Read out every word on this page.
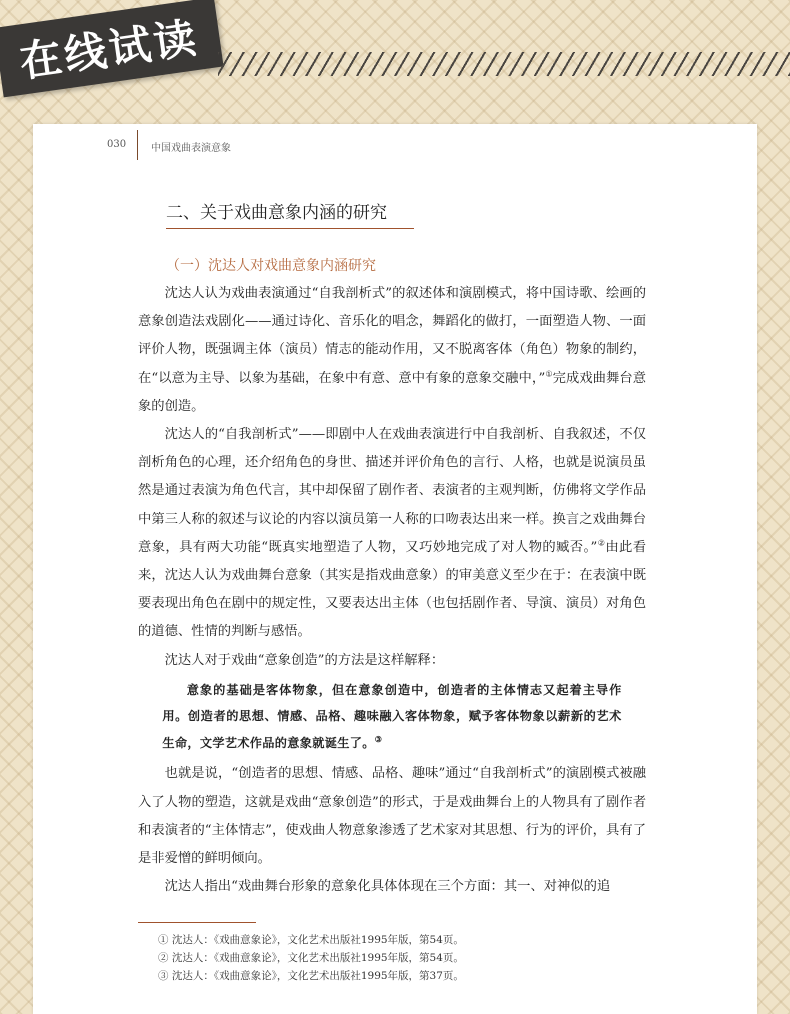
在线试读
030 中国戏曲表演意象
二、关于戏曲意象内涵的研究
（一）沈达人对戏曲意象内涵研究

沈达人认为戏曲表演通过“自我剖析式”的叙述体和演剧模式，将中国诗歌、绘画的意象创造法戏剧化——通过诗化、音乐化的唱念，舞蹈化的做打，一面塑造人物、一面评价人物，既强调主体（演员）情志的能动作用，又不脱离客体（角色）物象的制约，在“以意为主导、以象为基础，在象中有意、意中有象的意象交融中，”①完成戏曲舞台意象的创造。

沈达人的“自我剖析式”——即剧中人在戏曲表演进行中自我剖析、自我叙述，不仅剖析角色的心理，还介绍角色的身世、描述并评价角色的言行、人格，也就是说演员虽然是通过表演为角色代言，其中却保留了剧作者、表演者的主观判断，仿佛将文学作品中第三人称的叙述与议论的内容以演员第一人称的口吻表达出来一样。换言之戏曲舞台意象，具有两大功能“既真实地塑造了人物，又巧妙地完成了对人物的臧否。”②由此看来，沈达人认为戏曲舞台意象（其实是指戏曲意象）的审美意义至少在于：在表演中既要表现出角色在剧中的规定性，又要表达出主体（也包括剧作者、导演、演员）对角色的道德、性情的判断与感悟。

沈达人对于戏曲“意象创造”的方法是这样解释：

意象的基础是客体物象，但在意象创造中，创造者的主体情志又起着主导作用。创造者的思想、情感、品格、趣味融入客体物象，赋予客体物象以薪新的艺术生命，文学艺术作品的意象就诞生了。③

也就是说，“创造者的思想、情感、品格、趣味”通过“自我剖析式”的演剧模式被融入了人物的塑造，这就是戏曲“意象创造”的形式，于是戏曲舞台上的人物具有了剧作者和表演者的“主体情志”，使戏曲人物意象渗透了艺术家对其思想、行为的评价，具有了是非爱憎的鲜明倾向。

沈达人指出“戏曲舞台形象的意象化具体体现在三个方面：其一、对神似的追

① 沈达人：《戏曲意象论》，文化艺术出版社1995年版，第54页。
② 沈达人：《戏曲意象论》，文化艺术出版社1995年版，第54页。
③ 沈达人：《戏曲意象论》，文化艺术出版社1995年版，第37页。
